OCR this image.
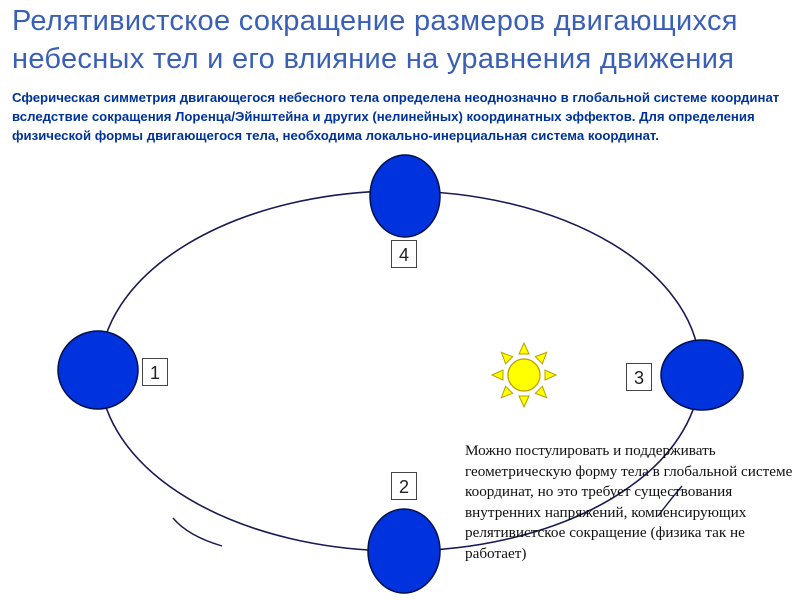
Релятивистское сокращение размеров двигающихся небесных тел и его влияние на уравнения движения

Сферическая симметрия двигающегося небесного тела определена неоднозначно в глобальной системе координат вследствие сокращения Лоренца/Эйнштейна и других (нелинейных) координатных эффектов. Для определения физической формы двигающегося тела, необходима локально-инерциальная система координат.

1
2
3
4

Можно постулировать и поддерживать геометрическую форму тела в глобальной системе координат, но это требует существования внутренних напряжений, компенсирующих релятивистское сокращение (физика так не работает)
